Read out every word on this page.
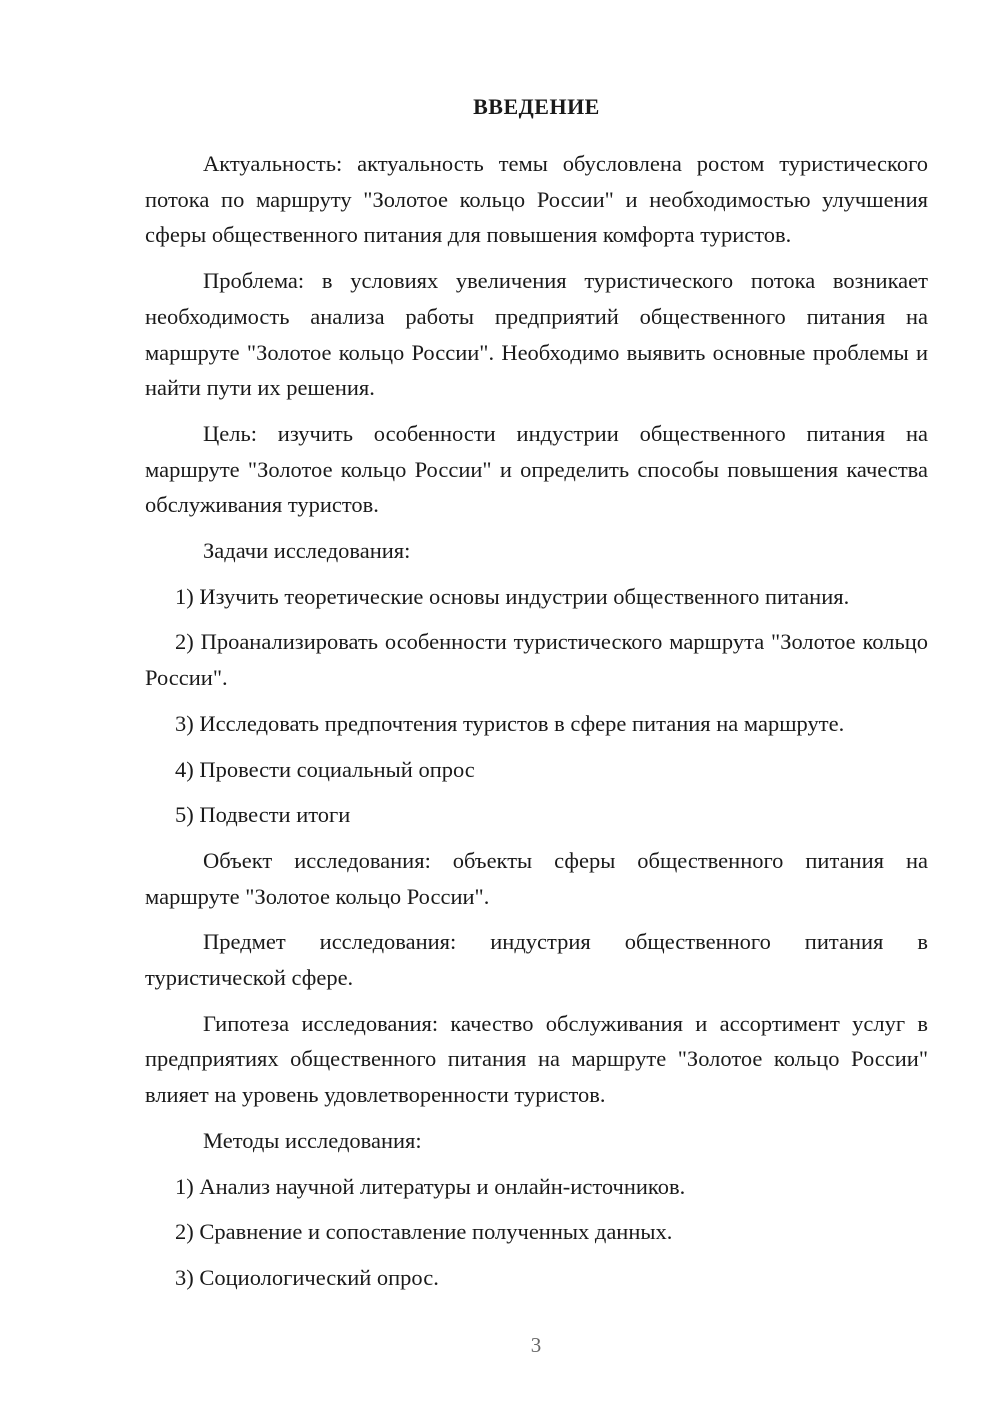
ВВЕДЕНИЕ

Актуальность: актуальность темы обусловлена ростом туристического потока по маршруту "Золотое кольцо России" и необходимостью улучшения сферы общественного питания для повышения комфорта туристов.

Проблема: в условиях увеличения туристического потока возникает необходимость анализа работы предприятий общественного питания на маршруте "Золотое кольцо России". Необходимо выявить основные проблемы и найти пути их решения.

Цель: изучить особенности индустрии общественного питания на маршруте "Золотое кольцо России" и определить способы повышения качества обслуживания туристов.

Задачи исследования:

1) Изучить теоретические основы индустрии общественного питания.

2) Проанализировать особенности туристического маршрута "Золотое кольцо России".

3) Исследовать предпочтения туристов в сфере питания на маршруте.

4) Провести социальный опрос

5) Подвести итоги

Объект исследования: объекты сферы общественного питания на маршруте "Золотое кольцо России".

Предмет исследования: индустрия общественного питания в туристической сфере.

Гипотеза исследования: качество обслуживания и ассортимент услуг в предприятиях общественного питания на маршруте "Золотое кольцо России" влияет на уровень удовлетворенности туристов.

Методы исследования:

1) Анализ научной литературы и онлайн-источников.

2) Сравнение и сопоставление полученных данных.

3) Социологический опрос.

3
